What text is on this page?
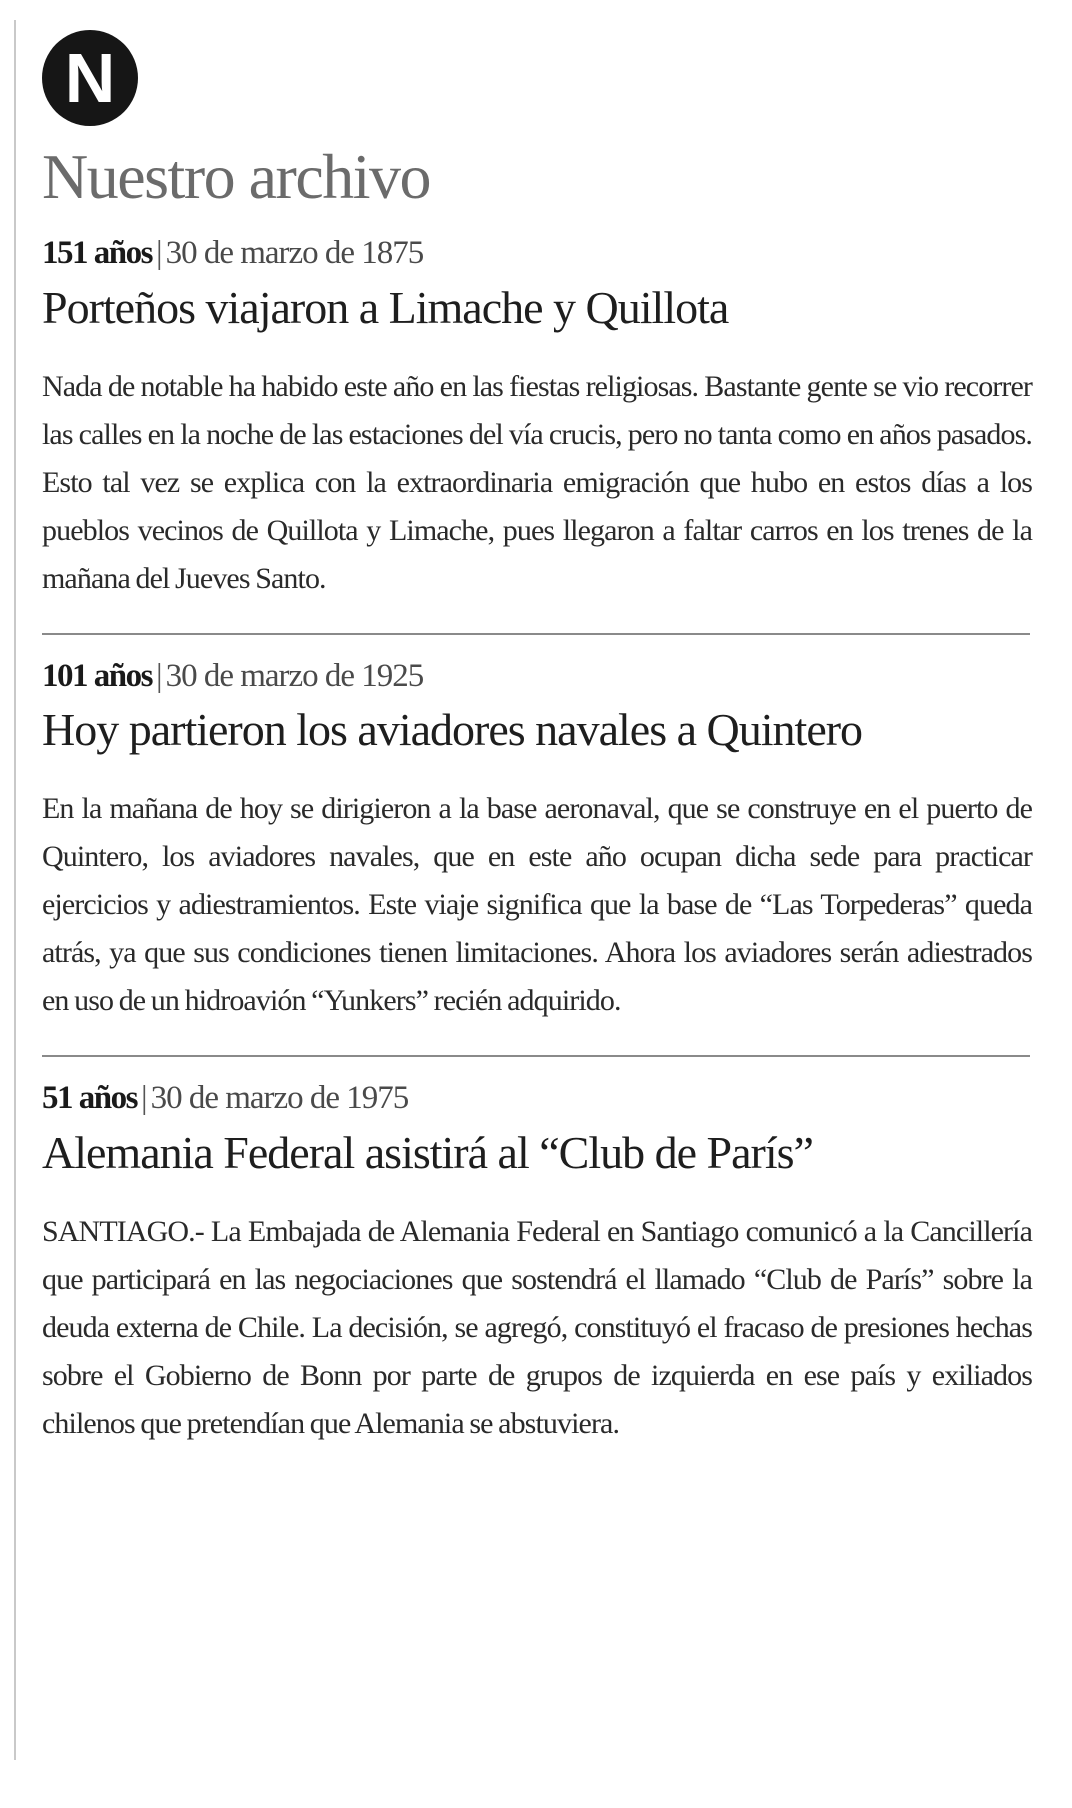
N
Nuestro archivo
151 años | 30 de marzo de 1875
Porteños viajaron a Limache y Quillota

Nada de notable ha habido este año en las fiestas religiosas. Bastante gente se vio recorrer las calles en la noche de las estaciones del vía crucis, pero no tanta como en años pasados. Esto tal vez se explica con la extraordinaria emigración que hubo en estos días a los pueblos vecinos de Quillota y Limache, pues llegaron a faltar carros en los trenes de la mañana del Jueves Santo.

101 años | 30 de marzo de 1925
Hoy partieron los aviadores navales a Quintero

En la mañana de hoy se dirigieron a la base aeronaval, que se construye en el puerto de Quintero, los aviadores navales, que en este año ocupan dicha sede para practicar ejercicios y adiestramientos. Este viaje significa que la base de “Las Torpederas” queda atrás, ya que sus condiciones tienen limitaciones. Ahora los aviadores serán adiestrados en uso de un hidroavión “Yunkers” recién adquirido.

51 años | 30 de marzo de 1975
Alemania Federal asistirá al “Club de París”

SANTIAGO.- La Embajada de Alemania Federal en Santiago comunicó a la Cancillería que participará en las negociaciones que sostendrá el llamado “Club de París” sobre la deuda externa de Chile. La decisión, se agregó, constituyó el fracaso de presiones hechas sobre el Gobierno de Bonn por parte de grupos de izquierda en ese país y exiliados chilenos que pretendían que Alemania se abstuviera.
